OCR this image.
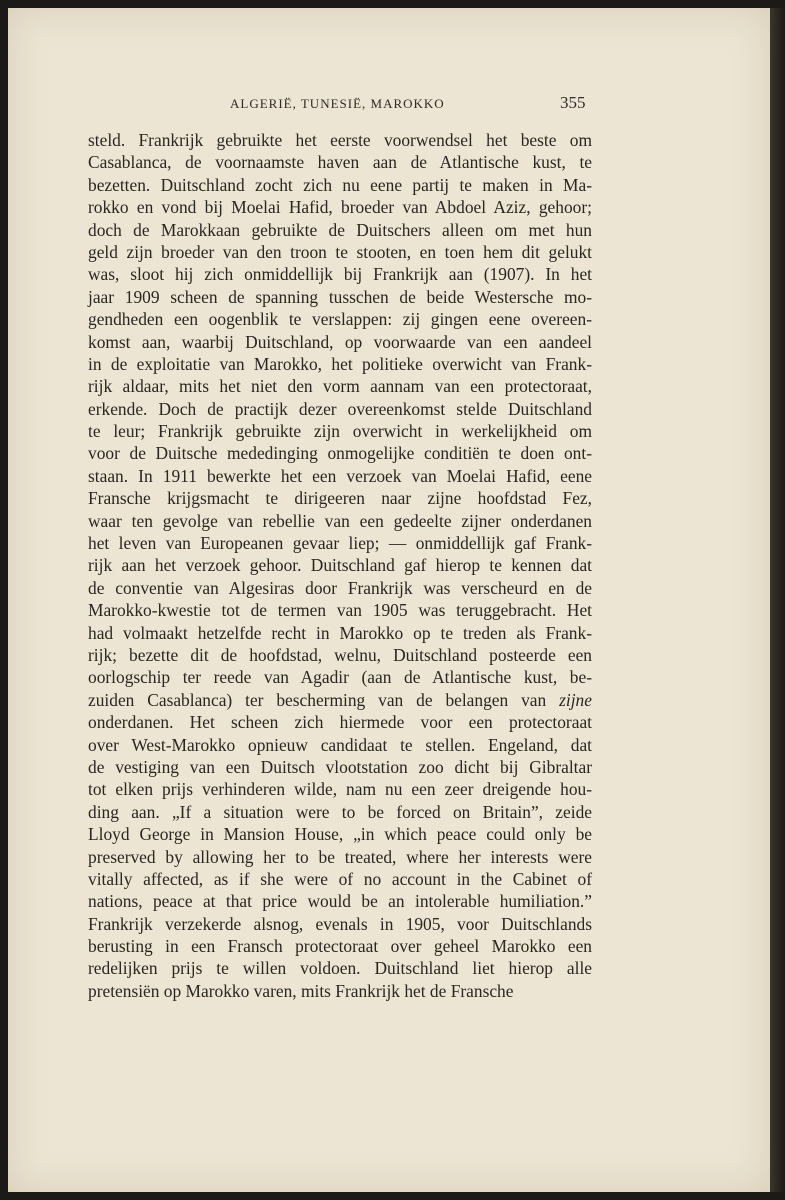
ALGERIË, TUNESIË, MAROKKO	355
steld. Frankrijk gebruikte het eerste voorwendsel het beste om
Casablanca, de voornaamste haven aan de Atlantische kust, te
bezetten. Duitschland zocht zich nu eene partij te maken in Ma-
rokko en vond bij Moelai Hafid, broeder van Abdoel Aziz, gehoor;
doch de Marokkaan gebruikte de Duitschers alleen om met hun
geld zijn broeder van den troon te stooten, en toen hem dit gelukt
was, sloot hij zich onmiddellijk bij Frankrijk aan (1907). In het
jaar 1909 scheen de spanning tusschen de beide Westersche mo-
gendheden een oogenblik te verslappen: zij gingen eene overeen-
komst aan, waarbij Duitschland, op voorwaarde van een aandeel
in de exploitatie van Marokko, het politieke overwicht van Frank-
rijk aldaar, mits het niet den vorm aannam van een protectoraat,
erkende. Doch de practijk dezer overeenkomst stelde Duitschland
te leur; Frankrijk gebruikte zijn overwicht in werkelijkheid om
voor de Duitsche mededinging onmogelijke conditiën te doen ont-
staan. In 1911 bewerkte het een verzoek van Moelai Hafid, eene
Fransche krijgsmacht te dirigeeren naar zijne hoofdstad Fez,
waar ten gevolge van rebellie van een gedeelte zijner onderdanen
het leven van Europeanen gevaar liep; — onmiddellijk gaf Frank-
rijk aan het verzoek gehoor. Duitschland gaf hierop te kennen dat
de conventie van Algesiras door Frankrijk was verscheurd en de
Marokko-kwestie tot de termen van 1905 was teruggebracht. Het
had volmaakt hetzelfde recht in Marokko op te treden als Frank-
rijk; bezette dit de hoofdstad, welnu, Duitschland posteerde een
oorlogschip ter reede van Agadir (aan de Atlantische kust, be-
zuiden Casablanca) ter bescherming van de belangen van zijne
onderdanen. Het scheen zich hiermede voor een protectoraat
over West-Marokko opnieuw candidaat te stellen. Engeland, dat
de vestiging van een Duitsch vlootstation zoo dicht bij Gibraltar
tot elken prijs verhinderen wilde, nam nu een zeer dreigende hou-
ding aan. „If a situation were to be forced on Britain”, zeide
Lloyd George in Mansion House, „in which peace could only be
preserved by allowing her to be treated, where her interests were
vitally affected, as if she were of no account in the Cabinet of
nations, peace at that price would be an intolerable humiliation.”
Frankrijk verzekerde alsnog, evenals in 1905, voor Duitschlands
berusting in een Fransch protectoraat over geheel Marokko een
redelijken prijs te willen voldoen. Duitschland liet hierop alle
pretensiën op Marokko varen, mits Frankrijk het de Fransche
